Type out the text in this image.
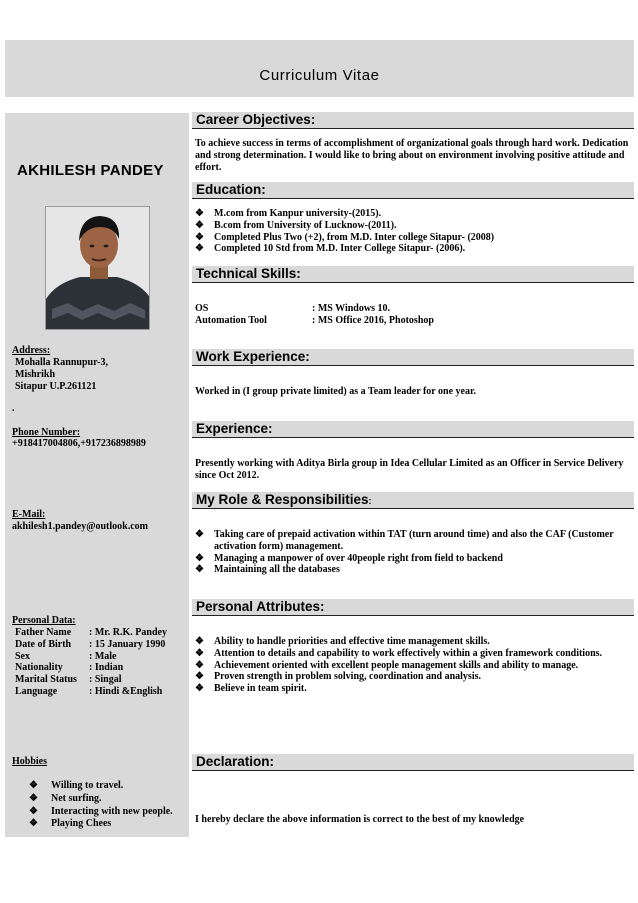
Curriculum Vitae
AKHILESH PANDEY
Address:
Mohalla Rannupur-3,
Mishrikh
Sitapur U.P.261121
.
Phone Number:
+918417004806,+917236898989
E-Mail:
akhilesh1.pandey@outlook.com
Personal Data:
Father Name	: Mr. R.K. Pandey
Date of Birth	: 15 January 1990
Sex	: Male
Nationality	: Indian
Marital Status	: Singal
Language	: Hindi &English
Hobbies
❖ Willing to travel.
❖ Net surfing.
❖ Interacting with new people.
❖ Playing Chees
Career Objectives:
To achieve success in terms of accomplishment of organizational goals through hard work. Dedication and strong determination. I would like to bring about on environment involving positive attitude and effort.
Education:
❖	M.com from Kanpur university-(2015).
❖	B.com from University of Lucknow-(2011).
❖	Completed Plus Two (+2), from M.D. Inter college Sitapur- (2008)
❖	Completed 10 Std from M.D. Inter College Sitapur- (2006).
Technical Skills:
OS	: MS Windows 10.
Automation Tool	: MS Office 2016, Photoshop
Work Experience:
Worked in (I group private limited) as a Team leader for one year.
Experience:
Presently working with Aditya Birla group in Idea Cellular Limited as an Officer in Service Delivery since Oct 2012.
My Role & Responsibilities:
❖	Taking care of prepaid activation within TAT (turn around time) and also the CAF (Customer activation form) management.
❖	Managing a manpower of over 40people right from field to backend
❖	Maintaining all the databases
Personal Attributes:
❖	Ability to handle priorities and effective time management skills.
❖	Attention to details and capability to work effectively within a given framework conditions.
❖	Achievement oriented with excellent people management skills and ability to manage.
❖	Proven strength in problem solving, coordination and analysis.
❖	Believe in team spirit.
Declaration:
I hereby declare the above information is correct to the best of my knowledge
